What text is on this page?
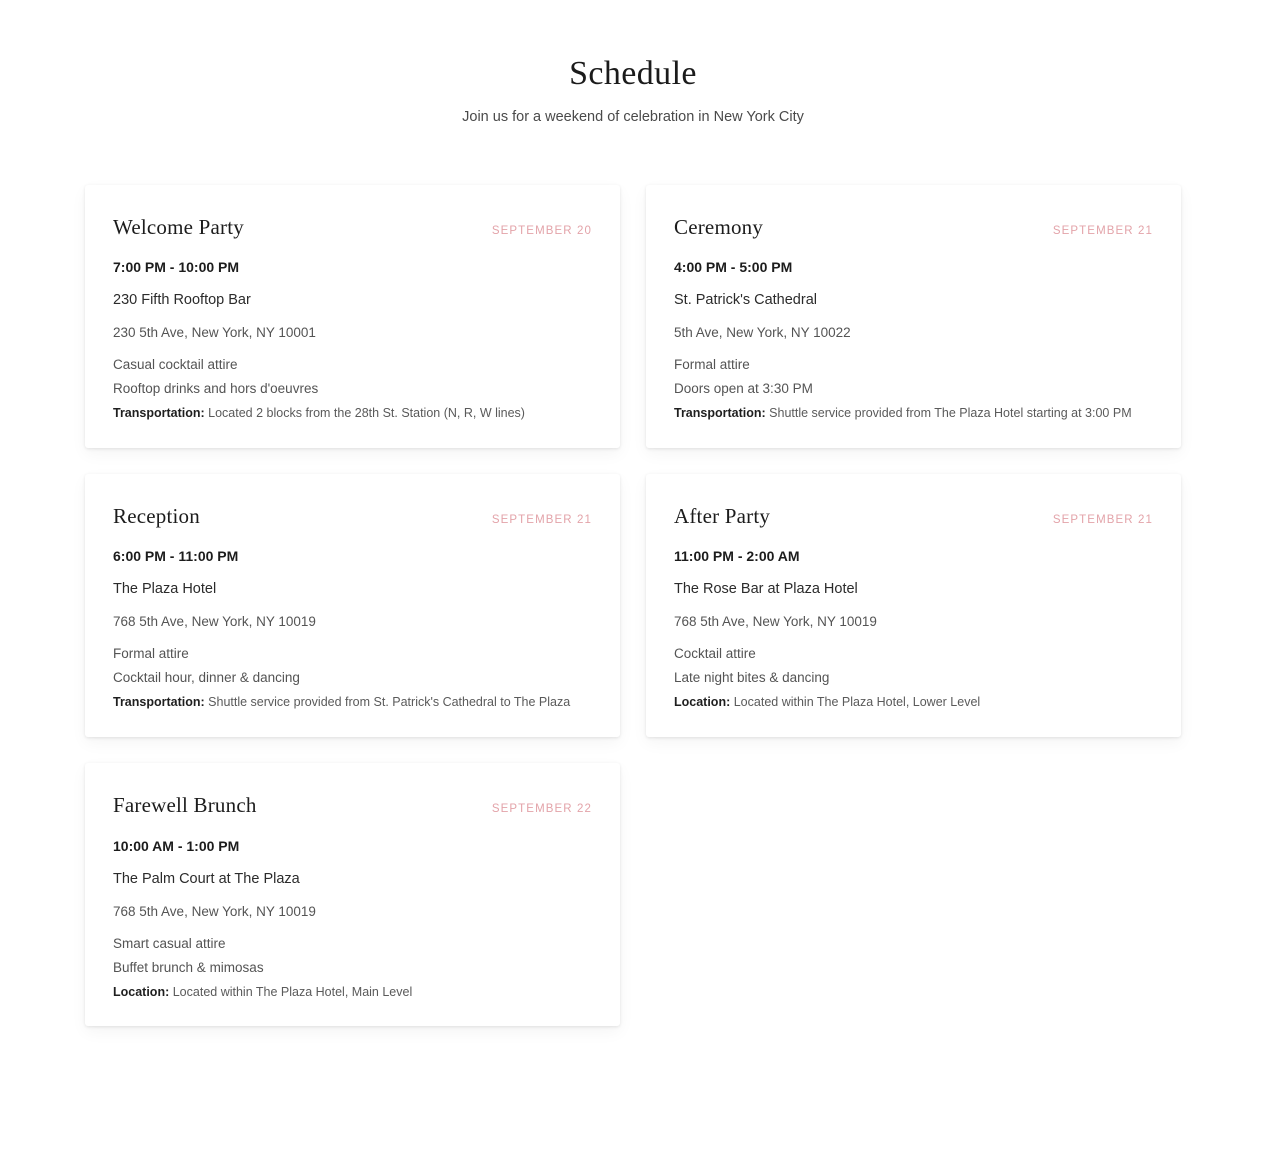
Schedule
Join us for a weekend of celebration in New York City
Welcome Party	SEPTEMBER 20
7:00 PM - 10:00 PM
230 Fifth Rooftop Bar
230 5th Ave, New York, NY 10001
Casual cocktail attire
Rooftop drinks and hors d'oeuvres
Transportation: Located 2 blocks from the 28th St. Station (N, R, W lines)
Ceremony	SEPTEMBER 21
4:00 PM - 5:00 PM
St. Patrick's Cathedral
5th Ave, New York, NY 10022
Formal attire
Doors open at 3:30 PM
Transportation: Shuttle service provided from The Plaza Hotel starting at 3:00 PM
Reception	SEPTEMBER 21
6:00 PM - 11:00 PM
The Plaza Hotel
768 5th Ave, New York, NY 10019
Formal attire
Cocktail hour, dinner & dancing
Transportation: Shuttle service provided from St. Patrick's Cathedral to The Plaza
After Party	SEPTEMBER 21
11:00 PM - 2:00 AM
The Rose Bar at Plaza Hotel
768 5th Ave, New York, NY 10019
Cocktail attire
Late night bites & dancing
Location: Located within The Plaza Hotel, Lower Level
Farewell Brunch	SEPTEMBER 22
10:00 AM - 1:00 PM
The Palm Court at The Plaza
768 5th Ave, New York, NY 10019
Smart casual attire
Buffet brunch & mimosas
Location: Located within The Plaza Hotel, Main Level
